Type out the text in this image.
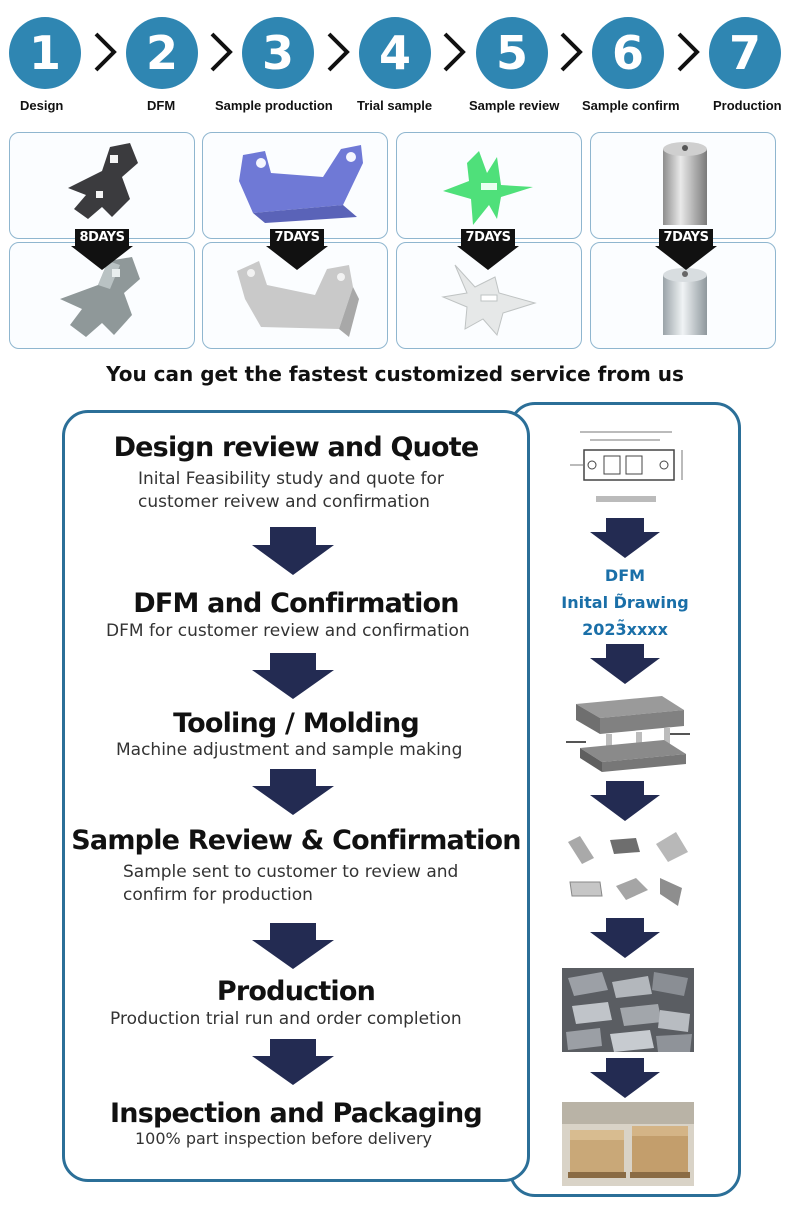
1	2	3	4	5	6	7
Design	DFM	Sample production Trial sample	Sample review Sample confirm	Production
8DAYS	7DAYS	7DAYS	7DAYS
You can get the fastest customized service from us
Design review and Quote
Inital Feasibility study and quote for
customer reivew and confirmation
DFM and Confirmation
DFM for customer review and confirmation
Tooling / Molding
Machine adjustment and sample making
Sample Review & Confirmation
Sample sent to customer to review and
confirm for production
Production
Production trial run and order completion
Inspection and Packaging
100% part inspection before delivery
DFM
Inital D̃rawing
2023̃xxxx
